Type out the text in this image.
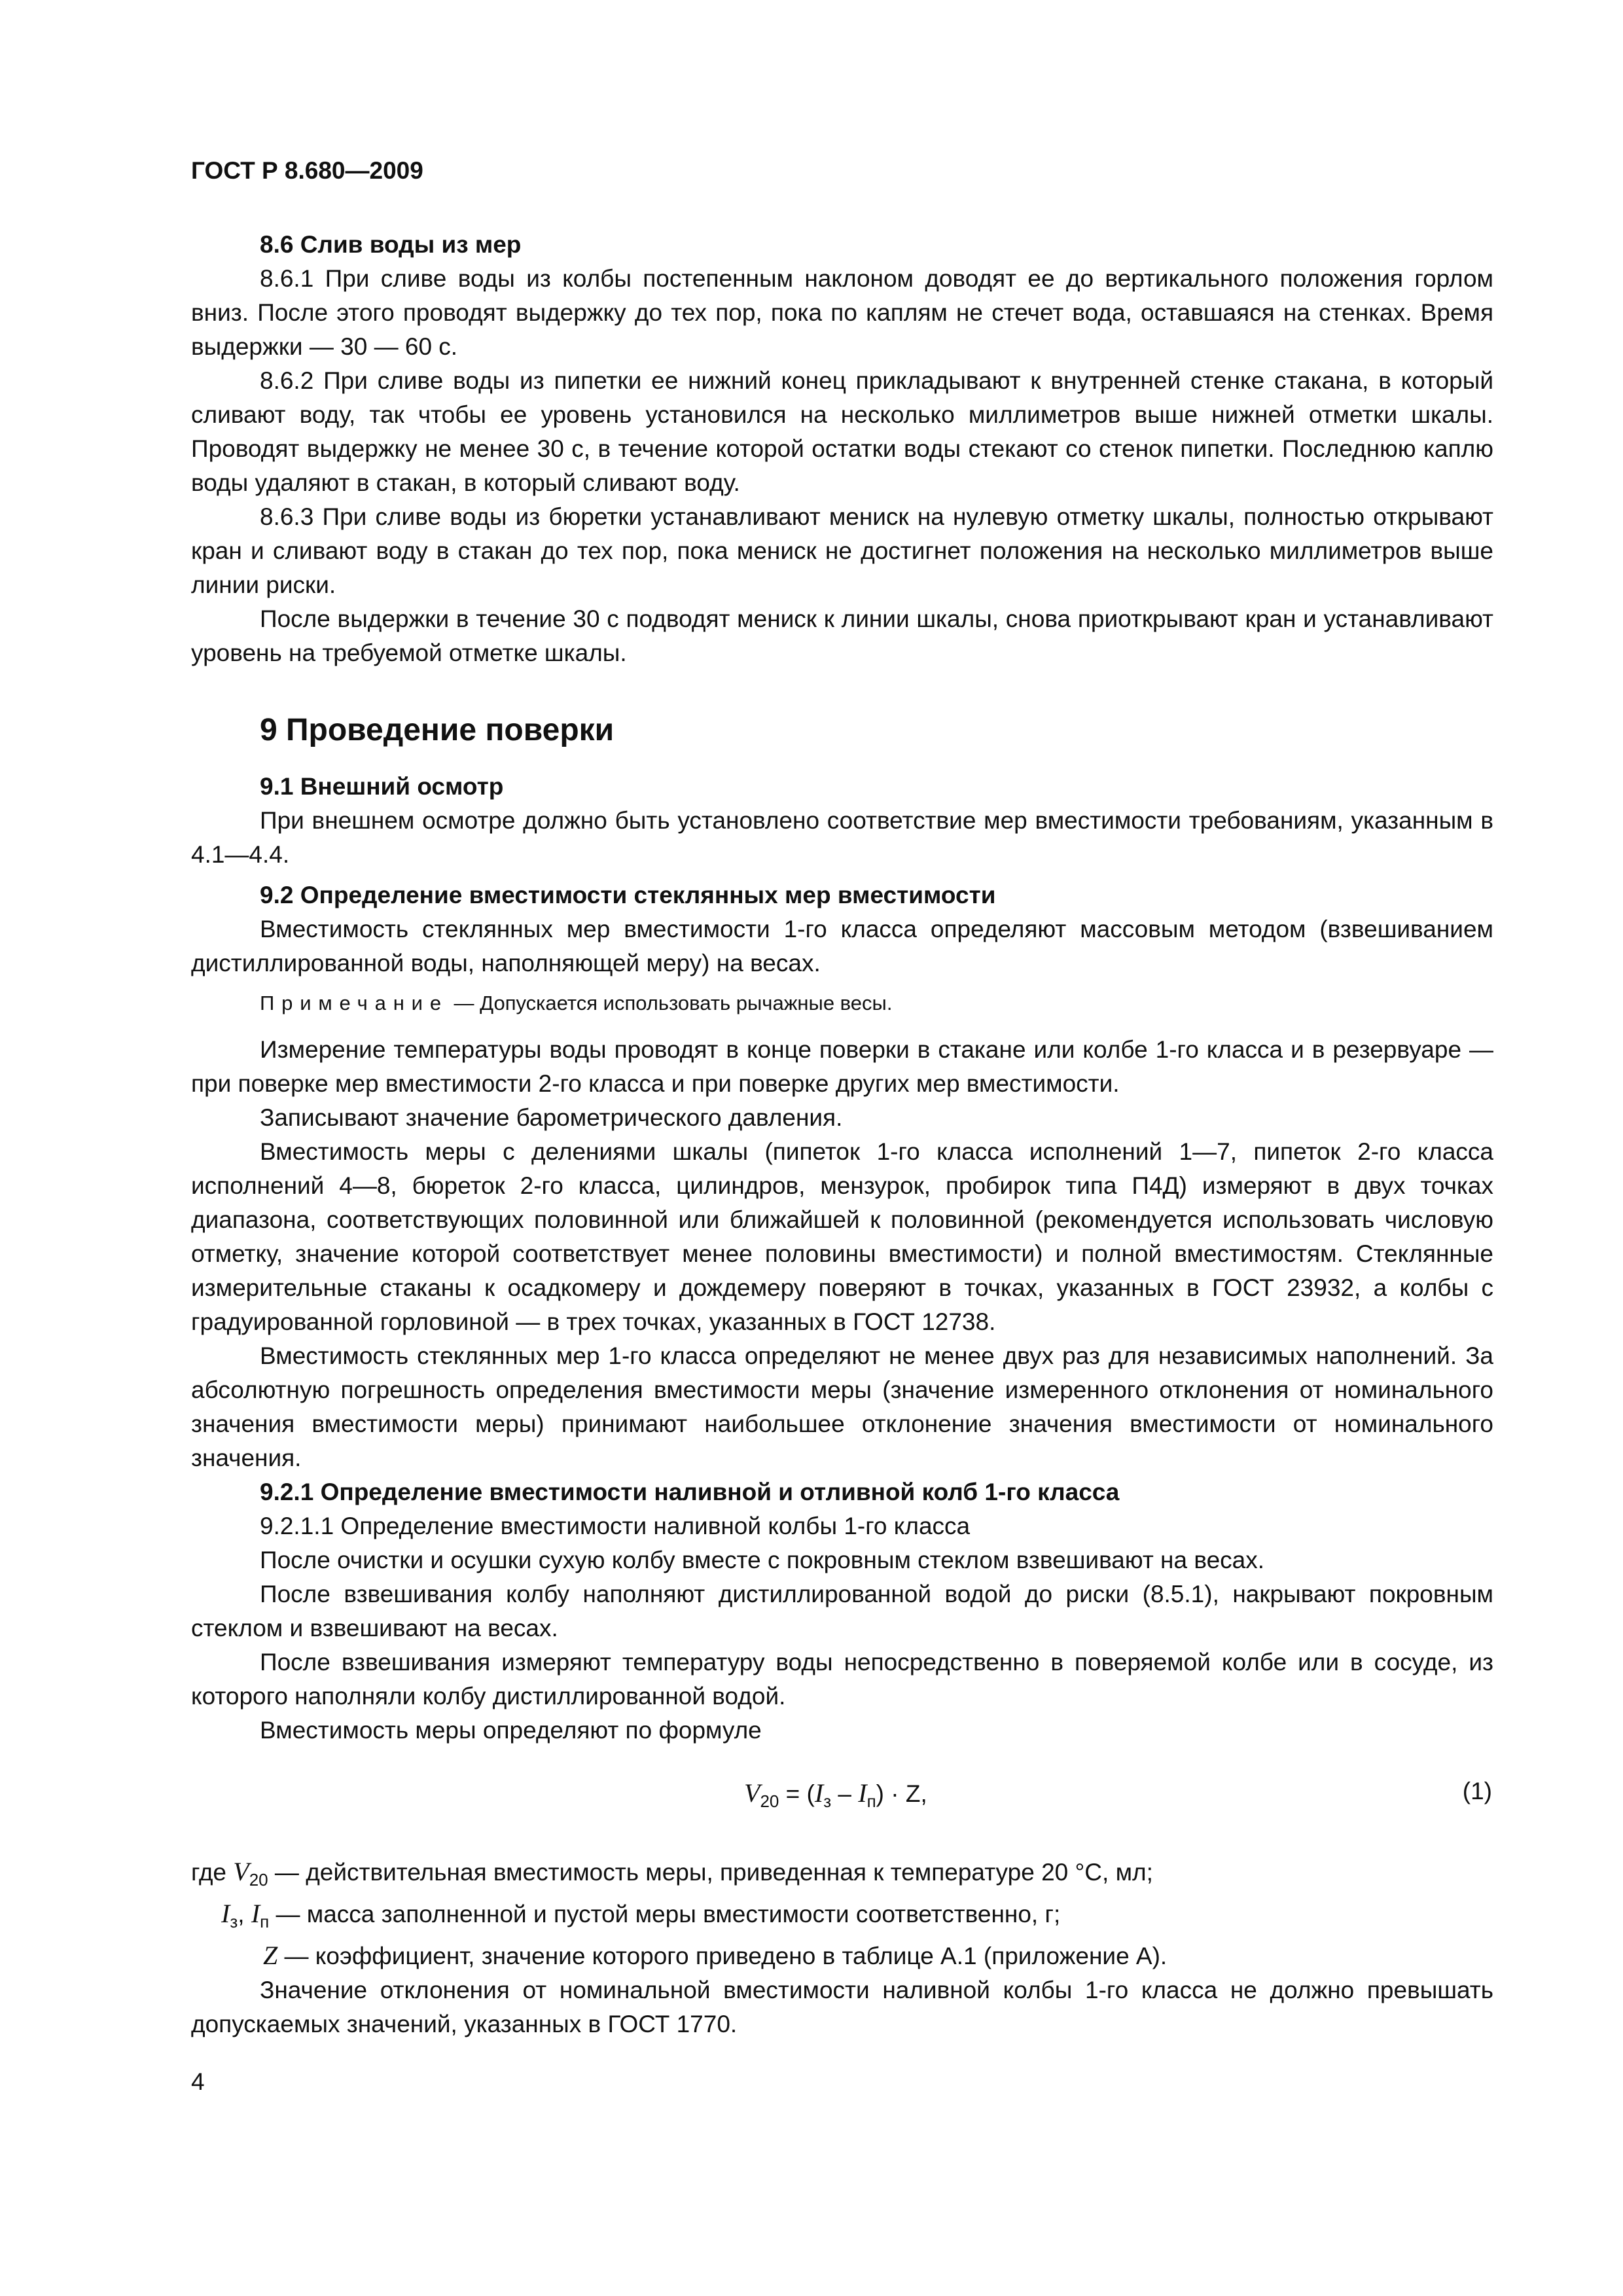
ГОСТ Р 8.680—2009

8.6 Слив воды из мер

8.6.1 При сливе воды из колбы постепенным наклоном доводят ее до вертикального положения горлом вниз. После этого проводят выдержку до тех пор, пока по каплям не стечет вода, оставшаяся на стенках. Время выдержки — 30 — 60 с.

8.6.2 При сливе воды из пипетки ее нижний конец прикладывают к внутренней стенке стакана, в который сливают воду, так чтобы ее уровень установился на несколько миллиметров выше нижней отметки шкалы. Проводят выдержку не менее 30 с, в течение которой остатки воды стекают со стенок пипетки. Последнюю каплю воды удаляют в стакан, в который сливают воду.

8.6.3 При сливе воды из бюретки устанавливают мениск на нулевую отметку шкалы, полностью открывают кран и сливают воду в стакан до тех пор, пока мениск не достигнет положения на несколько миллиметров выше линии риски.

После выдержки в течение 30 с подводят мениск к линии шкалы, снова приоткрывают кран и устанавливают уровень на требуемой отметке шкалы.

9 Проведение поверки

9.1 Внешний осмотр

При внешнем осмотре должно быть установлено соответствие мер вместимости требованиям, указанным в 4.1—4.4.

9.2 Определение вместимости стеклянных мер вместимости

Вместимость стеклянных мер вместимости 1-го класса определяют массовым методом (взвешиванием дистиллированной воды, наполняющей меру) на весах.

Примечание — Допускается использовать рычажные весы.

Измерение температуры воды проводят в конце поверки в стакане или колбе 1-го класса и в резервуаре — при поверке мер вместимости 2-го класса и при поверке других мер вместимости.

Записывают значение барометрического давления.

Вместимость меры с делениями шкалы (пипеток 1-го класса исполнений 1—7, пипеток 2-го класса исполнений 4—8, бюреток 2-го класса, цилиндров, мензурок, пробирок типа П4Д) измеряют в двух точках диапазона, соответствующих половинной или ближайшей к половинной (рекомендуется использовать числовую отметку, значение которой соответствует менее половины вместимости) и полной вместимостям. Стеклянные измерительные стаканы к осадкомеру и дождемеру поверяют в точках, указанных в ГОСТ 23932, а колбы с градуированной горловиной — в трех точках, указанных в ГОСТ 12738.

Вместимость стеклянных мер 1-го класса определяют не менее двух раз для независимых наполнений. За абсолютную погрешность определения вместимости меры (значение измеренного отклонения от номинального значения вместимости меры) принимают наибольшее отклонение значения вместимости от номинального значения.

9.2.1 Определение вместимости наливной и отливной колб 1-го класса

9.2.1.1 Определение вместимости наливной колбы 1-го класса

После очистки и осушки сухую колбу вместе с покровным стеклом взвешивают на весах.

После взвешивания колбу наполняют дистиллированной водой до риски (8.5.1), накрывают покровным стеклом и взвешивают на весах.

После взвешивания измеряют температуру воды непосредственно в поверяемой колбе или в сосуде, из которого наполняли колбу дистиллированной водой.

Вместимость меры определяют по формуле

$V_{20} = (I_з - I_п) \cdot Z$,	(1)
где $V_{20}$ — действительная вместимость меры, приведенная к температуре 20 °С, мл;
$I_з$, $I_п$ — масса заполненной и пустой меры вместимости соответственно, г;
Z — коэффициент, значение которого приведено в таблице А.1 (приложение А).

Значение отклонения от номинальной вместимости наливной колбы 1-го класса не должно превышать допускаемых значений, указанных в ГОСТ 1770.

4
